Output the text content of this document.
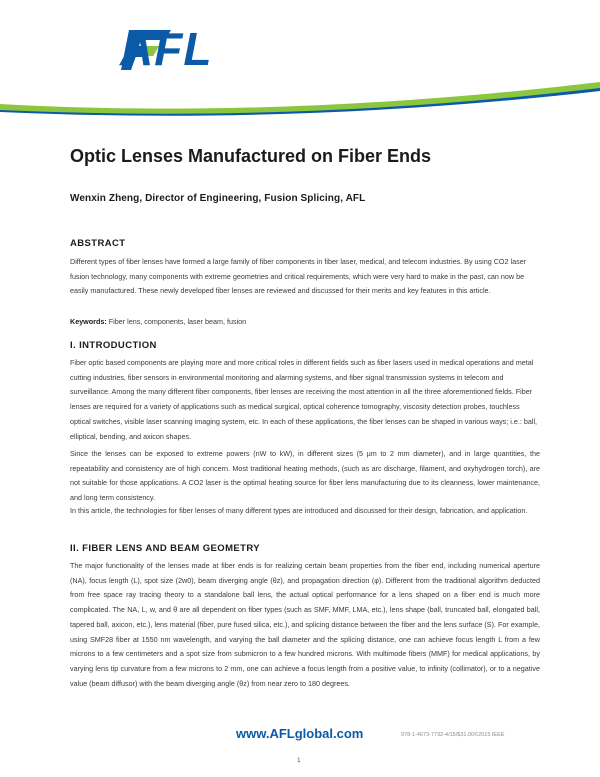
AFL
Optic Lenses Manufactured on Fiber Ends

Wenxin Zheng, Director of Engineering, Fusion Splicing, AFL

ABSTRACT

Different types of fiber lenses have formed a large family of fiber components in fiber laser, medical, and telecom industries. By using CO2 laser fusion technology, many components with extreme geometries and critical requirements, which were very hard to make in the past, can now be easily manufactured. These newly developed fiber lenses are reviewed and discussed for their merits and key features in this article.

Keywords: Fiber lens, components, laser beam, fusion

I. INTRODUCTION

Fiber optic based components are playing more and more critical roles in different fields such as fiber lasers used in medical operations and metal cutting industries, fiber sensors in environmental monitoring and alarming systems, and fiber signal transmission systems in telecom and surveillance. Among the many different fiber components, fiber lenses are receiving the most attention in all the three aforementioned fields. Fiber lenses are required for a variety of applications such as medical surgical, optical coherence tomography, viscosity detection probes, touchless optical switches, visible laser scanning imaging system, etc. In each of these applications, the fiber lenses can be shaped in various ways; i.e.: ball, elliptical, bending, and axicon shapes.

Since the lenses can be exposed to extreme powers (nW to kW), in different sizes (5 µm to 2 mm diameter), and in large quantities, the repeatability and consistency are of high concern. Most traditional heating methods, (such as arc discharge, filament, and oxyhydrogen torch), are not suitable for those applications. A CO2 laser is the optimal heating source for fiber lens manufacturing due to its cleanness, lower maintenance, and long term consistency.

In this article, the technologies for fiber lenses of many different types are introduced and discussed for their design, fabrication, and application.

II. FIBER LENS AND BEAM GEOMETRY

The major functionality of the lenses made at fiber ends is for realizing certain beam properties from the fiber end, including numerical aperture (NA), focus length (L), spot size (2w0), beam diverging angle (θz), and propagation direction (φ). Different from the traditional algorithm deducted from free space ray tracing theory to a standalone ball lens, the actual optical performance for a lens shaped on a fiber end is much more complicated. The NA, L, w, and θ are all dependent on fiber types (such as SMF, MMF, LMA, etc.), lens shape (ball, truncated ball, elongated ball, tapered ball, axicon, etc.), lens material (fiber, pure fused silica, etc.), and splicing distance between the fiber and the lens surface (S). For example, using SMF28 fiber at 1550 nm wavelength, and varying the ball diameter and the splicing distance, one can achieve focus length L from a few microns to a few centimeters and a spot size from submicron to a few hundred microns. With multimode fibers (MMF) for medical applications, by varying lens tip curvature from a few microns to 2 mm, one can achieve a focus length from a positive value, to infinity (collimator), or to a negative value (beam diffusor) with the beam diverging angle (θz) from near zero to 180 degrees.

www.AFLglobal.com	978-1-4673-7732-4/15/$31.00©2015 IEEE
1
